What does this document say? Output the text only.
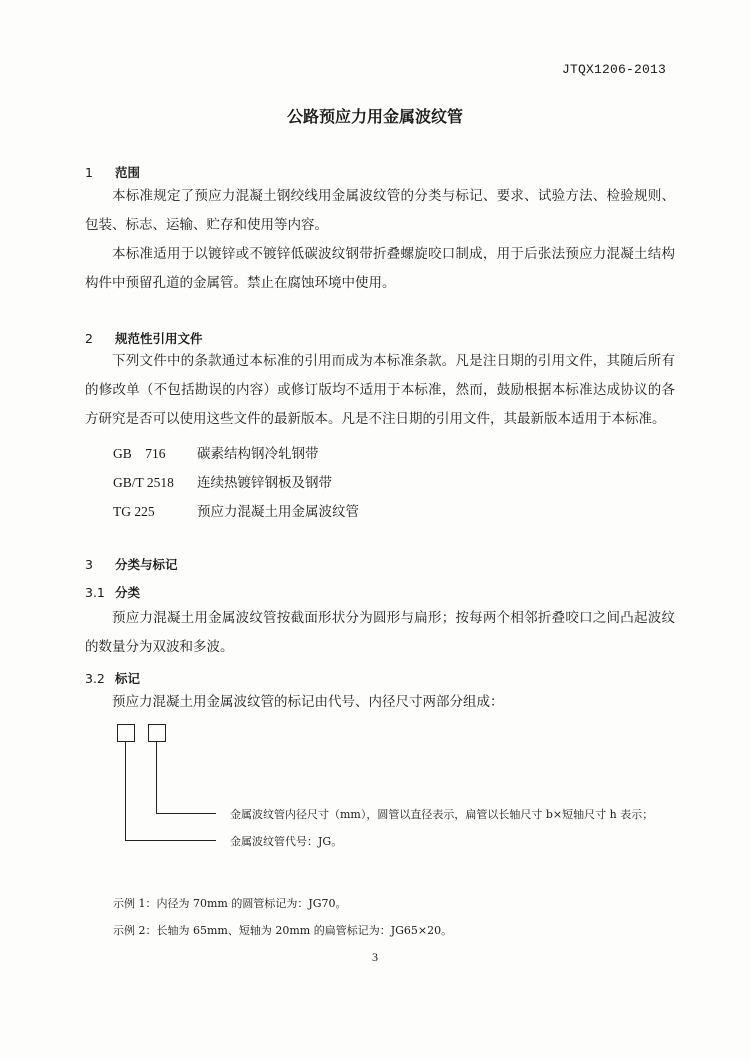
JTQX1206-2013
公路预应力用金属波纹管
1 范围
本标准规定了预应力混凝土钢绞线用金属波纹管的分类与标记、要求、试验方法、检验规则、包装、标志、运输、贮存和使用等内容。
本标准适用于以镀锌或不镀锌低碳波纹钢带折叠螺旋咬口制成，用于后张法预应力混凝土结构构件中预留孔道的金属管。禁止在腐蚀环境中使用。
2 规范性引用文件
下列文件中的条款通过本标准的引用而成为本标准条款。凡是注日期的引用文件，其随后所有的修改单（不包括勘误的内容）或修订版均不适用于本标准，然而，鼓励根据本标准达成协议的各方研究是否可以使用这些文件的最新版本。凡是不注日期的引用文件，其最新版本适用于本标准。
GB　716 碳素结构钢冷轧钢带
GB/T 2518 连续热镀锌钢板及钢带
TG 225	预应力混凝土用金属波纹管
3 分类与标记
3.1 分类
预应力混凝土用金属波纹管按截面形状分为圆形与扁形；按每两个相邻折叠咬口之间凸起波纹的数量分为双波和多波。
3.2 标记
预应力混凝土用金属波纹管的标记由代号、内径尺寸两部分组成：
金属波纹管内径尺寸（mm），圆管以直径表示，扁管以长轴尺寸 b×短轴尺寸 h 表示；
金属波纹管代号：JG。
示例 1：内径为 70mm 的圆管标记为：JG70。
示例 2：长轴为 65mm、短轴为 20mm 的扁管标记为：JG65×20。
3
